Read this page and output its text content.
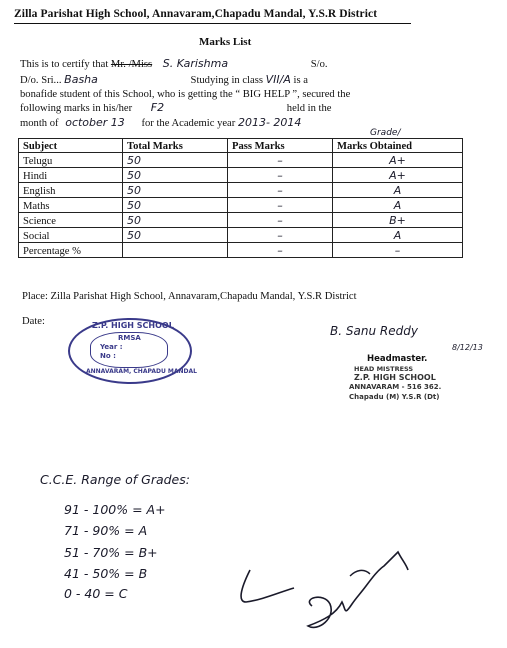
Zilla Parishat High School, Annavaram,Chapadu Mandal, Y.S.R District
Marks List
This is to certify that Mr. /Miss S. Karishma	S/o.
D/o. Sri... Basha	Studying in class VII/A is a
bonafide student of this School, who is getting the “ BIG HELP ”, secured the
following marks in his/her F2	held in the
month of october 13 for the Academic year 2013- 2014
Grade/
Subject	Total Marks	Pass Marks	Marks Obtained
Telugu	50	–	A+
Hindi	50	–	A+
English	50	–	A
Maths	50	–	A
Science	50	–	B+
Social	50	–	A
Percentage %		–	–
Place: Zilla Parishat High School, Annavaram,Chapadu Mandal, Y.S.R District
Date:	Z.P. HIGH SCHOOL
RMSA
Year :
No :
ANNAVARAM, CHAPADU MANDAL
B. Sanu Reddy
8/12/13
Headmaster.
HEAD MISTRESS
Z.P. HIGH SCHOOL
ANNAVARAM - 516 362.
Chapadu (M) Y.S.R (Dt)
C.C.E. Range of Grades:
91 - 100% = A+
71 - 90% = A
51 - 70% = B+
41 - 50% = B
0 - 40 = C
